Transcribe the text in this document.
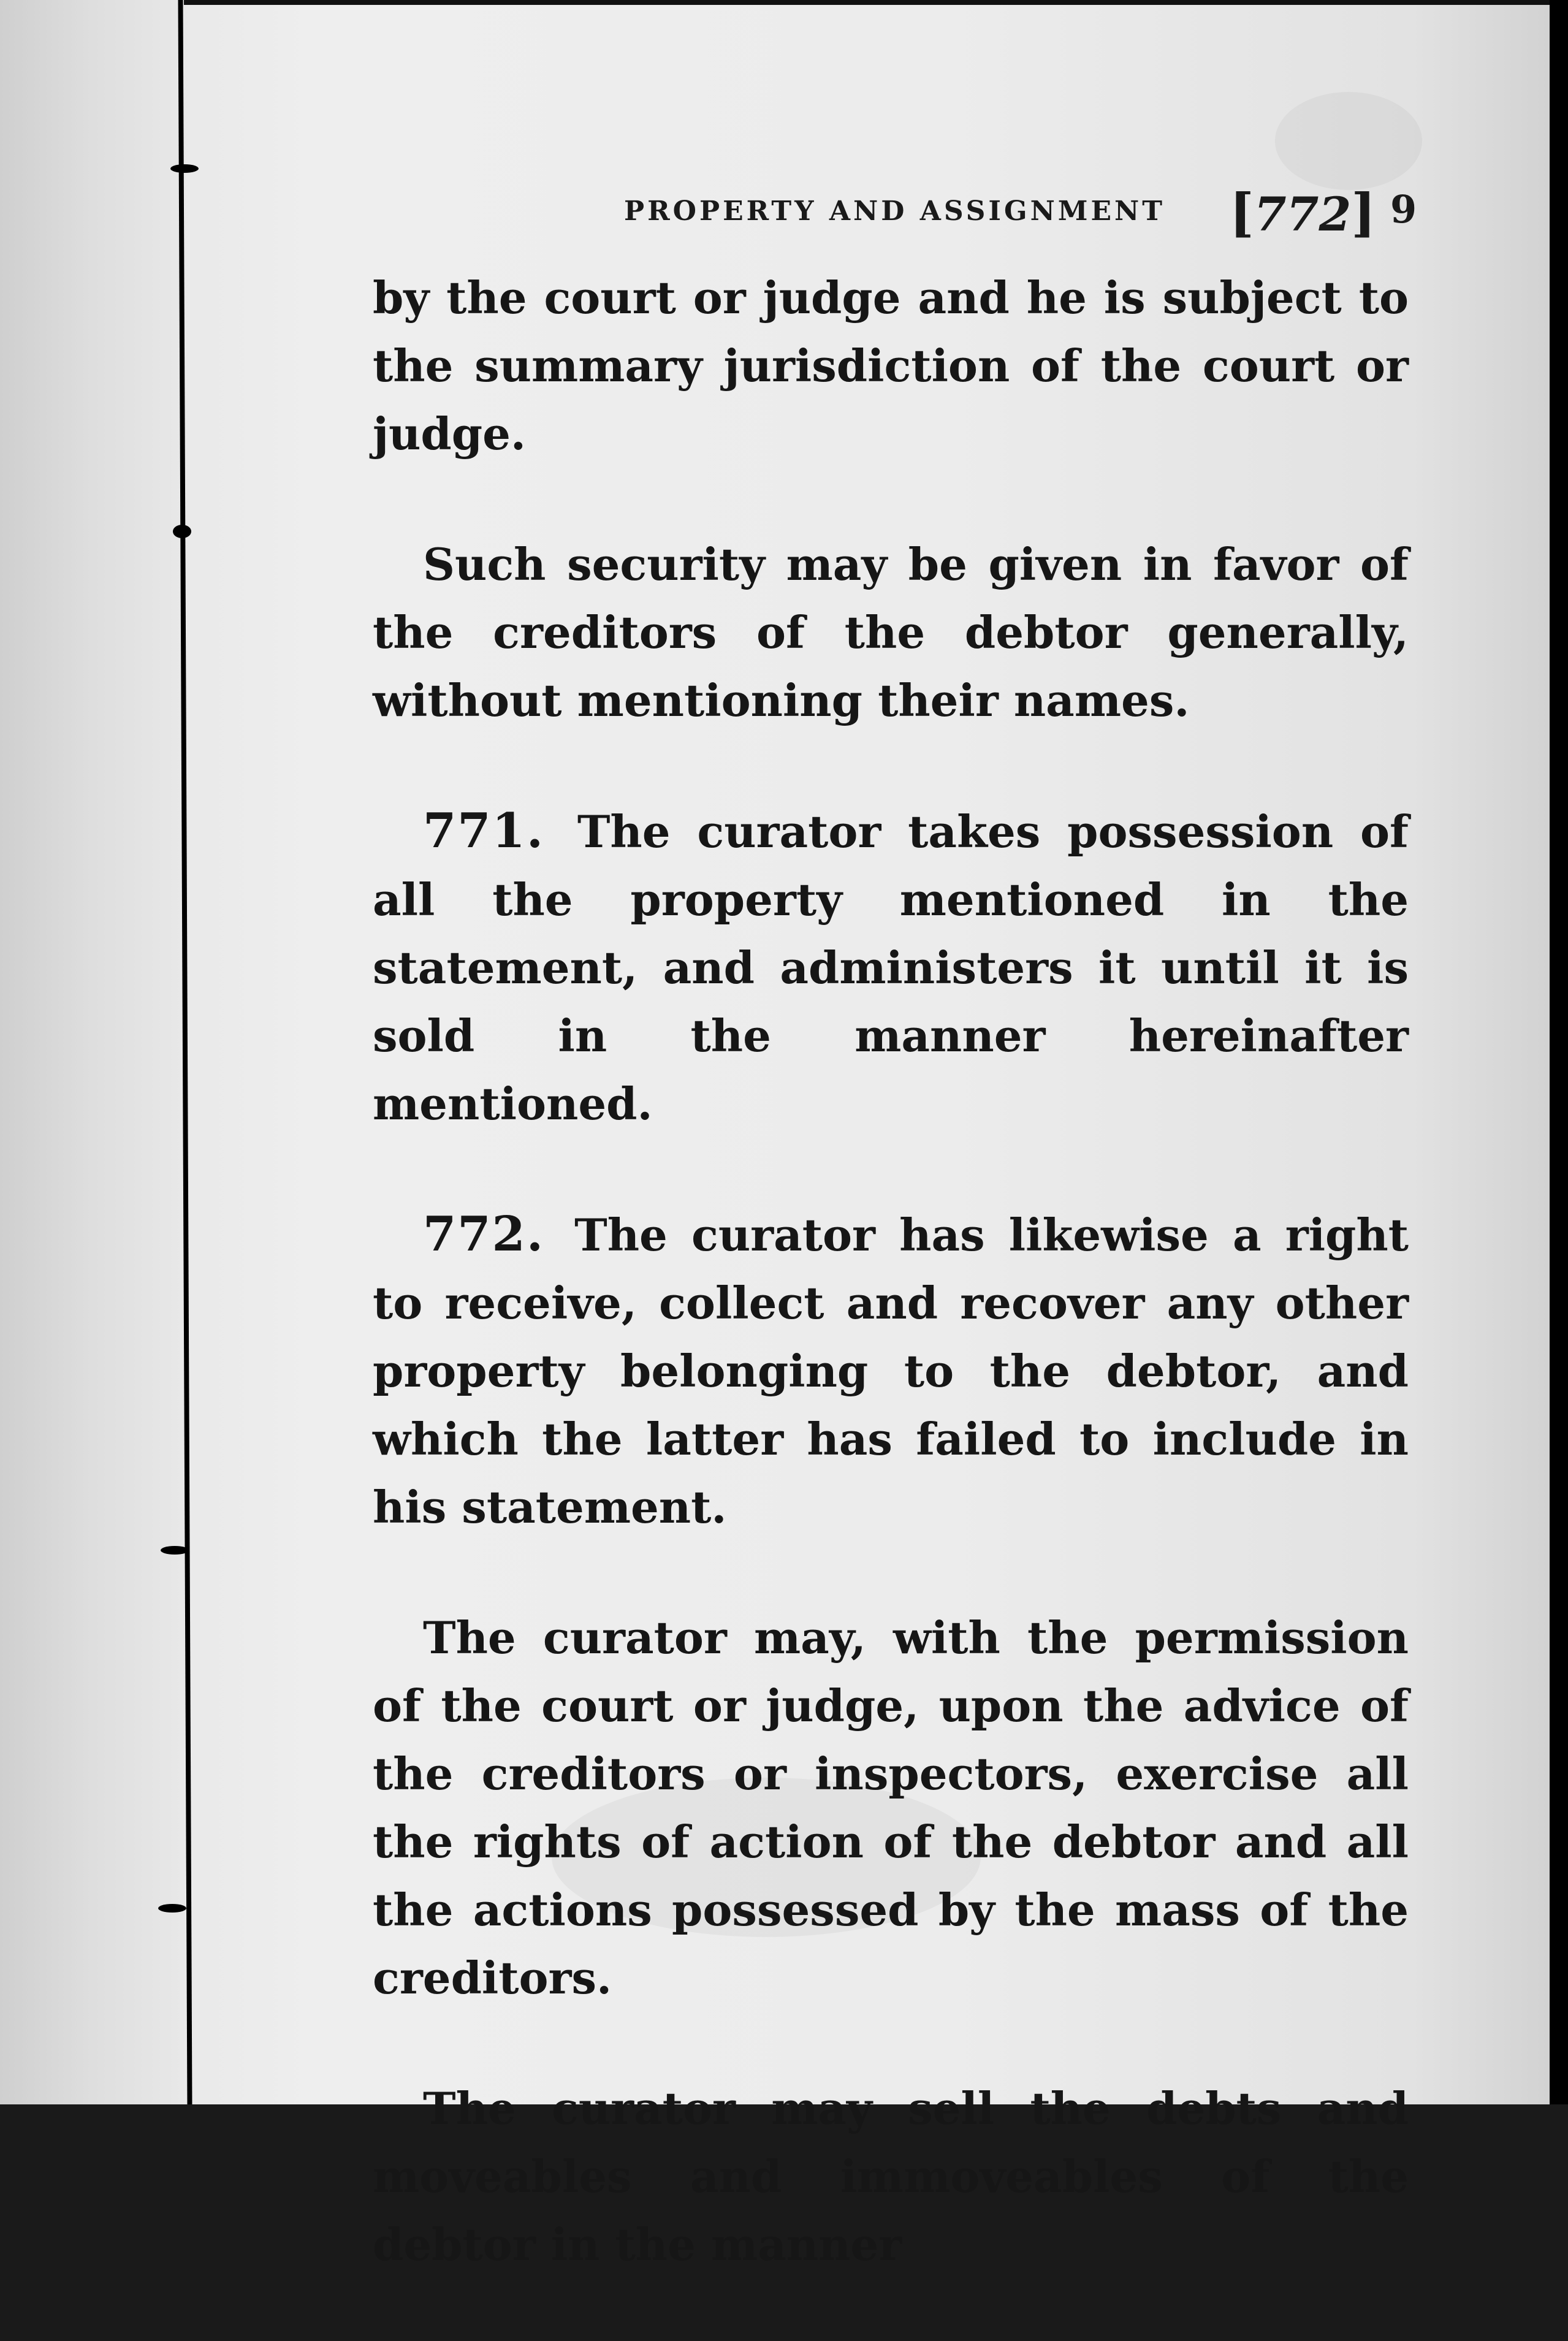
PROPERTY AND ASSIGNMENT [772] 9

by the court or judge and he is subject to the summary jurisdiction of the court or judge.

Such security may be given in favor of the creditors of the debtor generally, without mentioning their names.

771. The curator takes possession of all the property mentioned in the statement, and administers it until it is sold in the manner hereinafter mentioned.

772. The curator has likewise a right to receive, collect and recover any other property belonging to the debtor, and which the latter has failed to include in his statement.

The curator may, with the permission of the court or judge, upon the advice of the creditors or inspectors, exercise all the rights of action of the debtor and all the actions possessed by the mass of the creditors.

The curator may sell the debts and moveables and immoveables of the debtor in the manner
